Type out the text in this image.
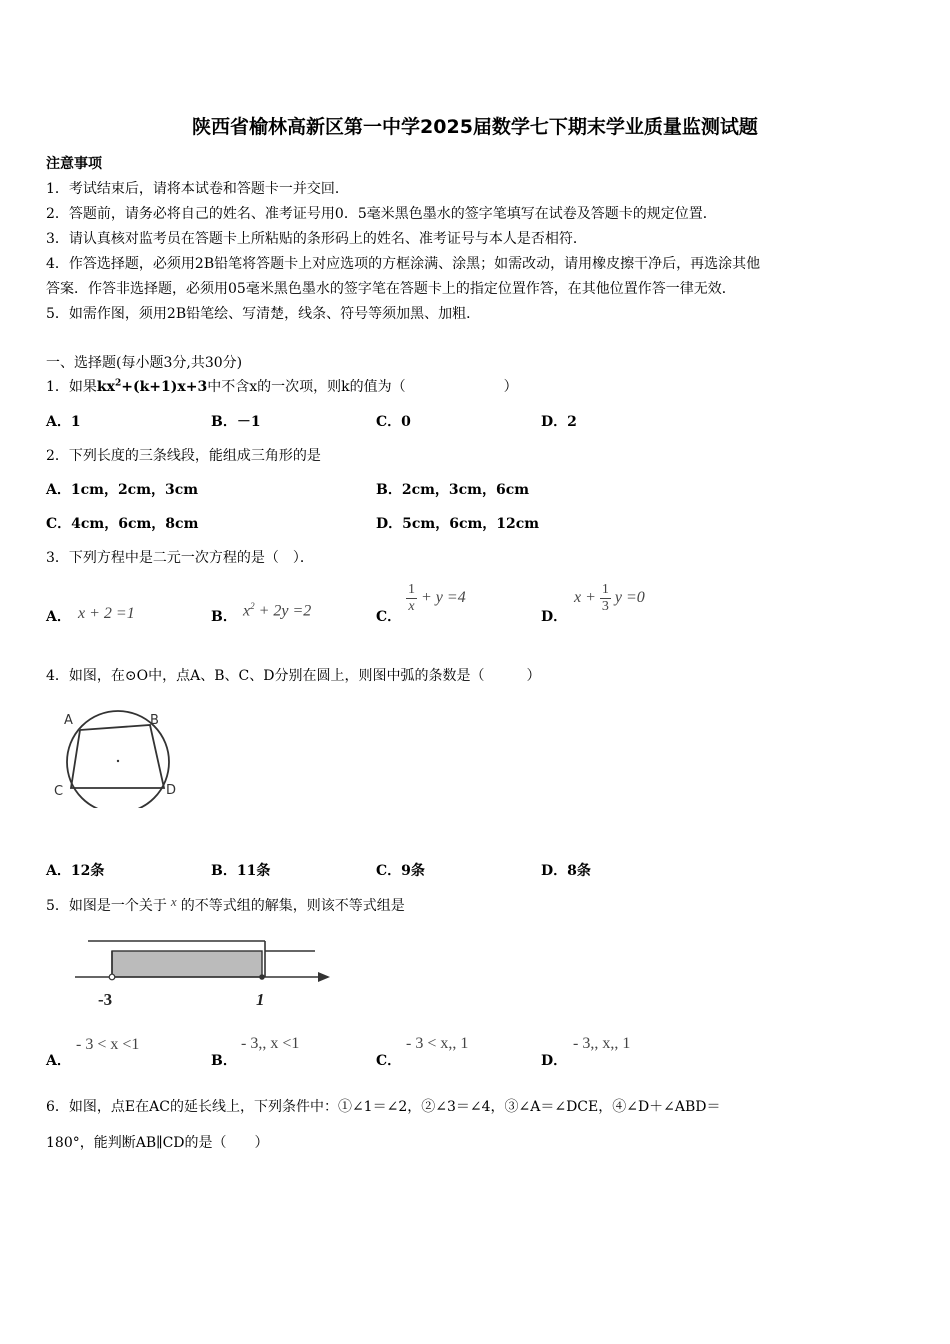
陕西省榆林高新区第一中学2025届数学七下期末学业质量监测试题
注意事项
1．考试结束后，请将本试卷和答题卡一并交回．
2．答题前，请务必将自己的姓名、准考证号用0．5毫米黑色墨水的签字笔填写在试卷及答题卡的规定位置．
3．请认真核对监考员在答题卡上所粘贴的条形码上的姓名、准考证号与本人是否相符．
4．作答选择题，必须用2B铅笔将答题卡上对应选项的方框涂满、涂黑；如需改动，请用橡皮擦干净后，再选涂其他
答案．作答非选择题，必须用05毫米黑色墨水的签字笔在答题卡上的指定位置作答，在其他位置作答一律无效．
5．如需作图，须用2B铅笔绘、写清楚，线条、符号等须加黑、加粗．
一、选择题(每小题3分,共30分)
1．如果$kx^2+(k+1)x+3$中不含x的一次项，则k的值为（　　　　　　　）
A．1	B．－1	C．0	D．2
2．下列长度的三条线段，能组成三角形的是
A．1cm，2cm，3cm	B．2cm，3cm，6cm
C．4cm，6cm，8cm	D．5cm，6cm，12cm
3．下列方程中是二元一次方程的是（　）．
A． x + 2 =1	B． $x^2 + 2y =2$	C．
$\frac{1}{x} + y =4$
D．
$x + \frac{1}{3}$ y =0
4．如图，在⊙O中，点A、B、C、D分别在圆上，则图中弧的条数是（　　　）
A	B
C	D
A．12条	B．11条	C．9条	D．8条
5．如图是一个关于 x 的不等式组的解集，则该不等式组是
-3	1
A．
- 3 < x <1
B．
- 3,, x <1
C．
- 3 < x,, 1
D．
- 3,, x,, 1
6．如图，点E在AC的延长线上，下列条件中：①∠1＝∠2，②∠3＝∠4，③∠A＝∠DCE，④∠D＋∠ABD＝
180°，能判断AB∥CD的是（　　）
